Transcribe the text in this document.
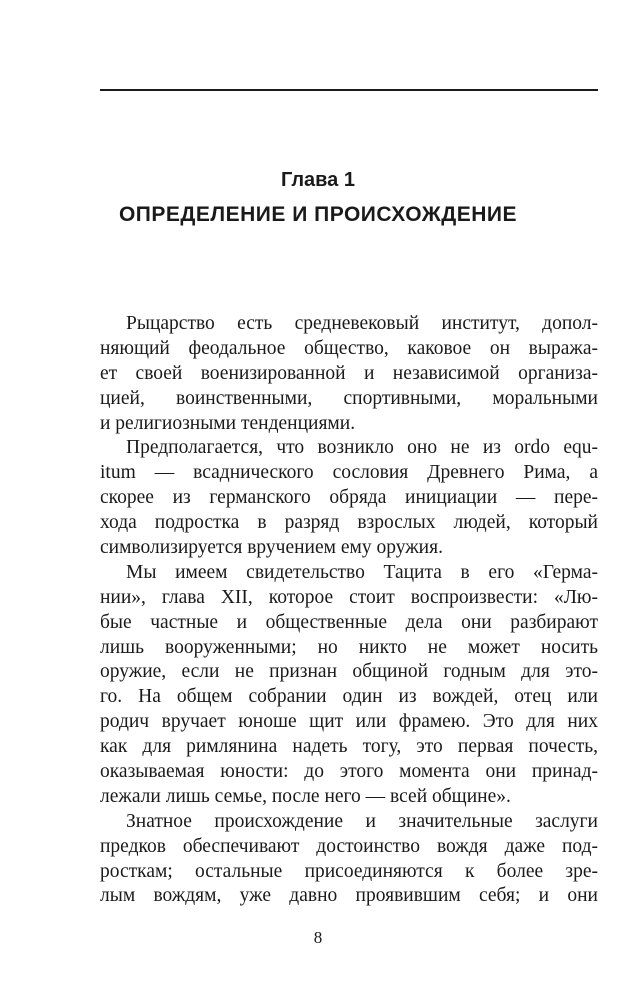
Глава 1
ОПРЕДЕЛЕНИЕ И ПРОИСХОЖДЕНИЕ
Рыцарство есть средневековый институт, допол-
няющий феодальное общество, каковое он выража-
ет своей военизированной и независимой организа-
цией, воинственными, спортивными, моральными
и религиозными тенденциями.
Предполагается, что возникло оно не из ordo equ-
itum — всаднического сословия Древнего Рима, а
скорее из германского обряда инициации — пере-
хода подростка в разряд взрослых людей, который
символизируется вручением ему оружия.
Мы имеем свидетельство Тацита в его «Герма-
нии», глава XII, которое стоит воспроизвести: «Лю-
бые частные и общественные дела они разбирают
лишь вооруженными; но никто не может носить
оружие, если не признан общиной годным для это-
го. На общем собрании один из вождей, отец или
родич вручает юноше щит или фрамею. Это для них
как для римлянина надеть тогу, это первая почесть,
оказываемая юности: до этого момента они принад-
лежали лишь семье, после него — всей общине».
Знатное происхождение и значительные заслуги
предков обеспечивают достоинство вождя даже под-
росткам; остальные присоединяются к более зре-
лым вождям, уже давно проявившим себя; и они
8
